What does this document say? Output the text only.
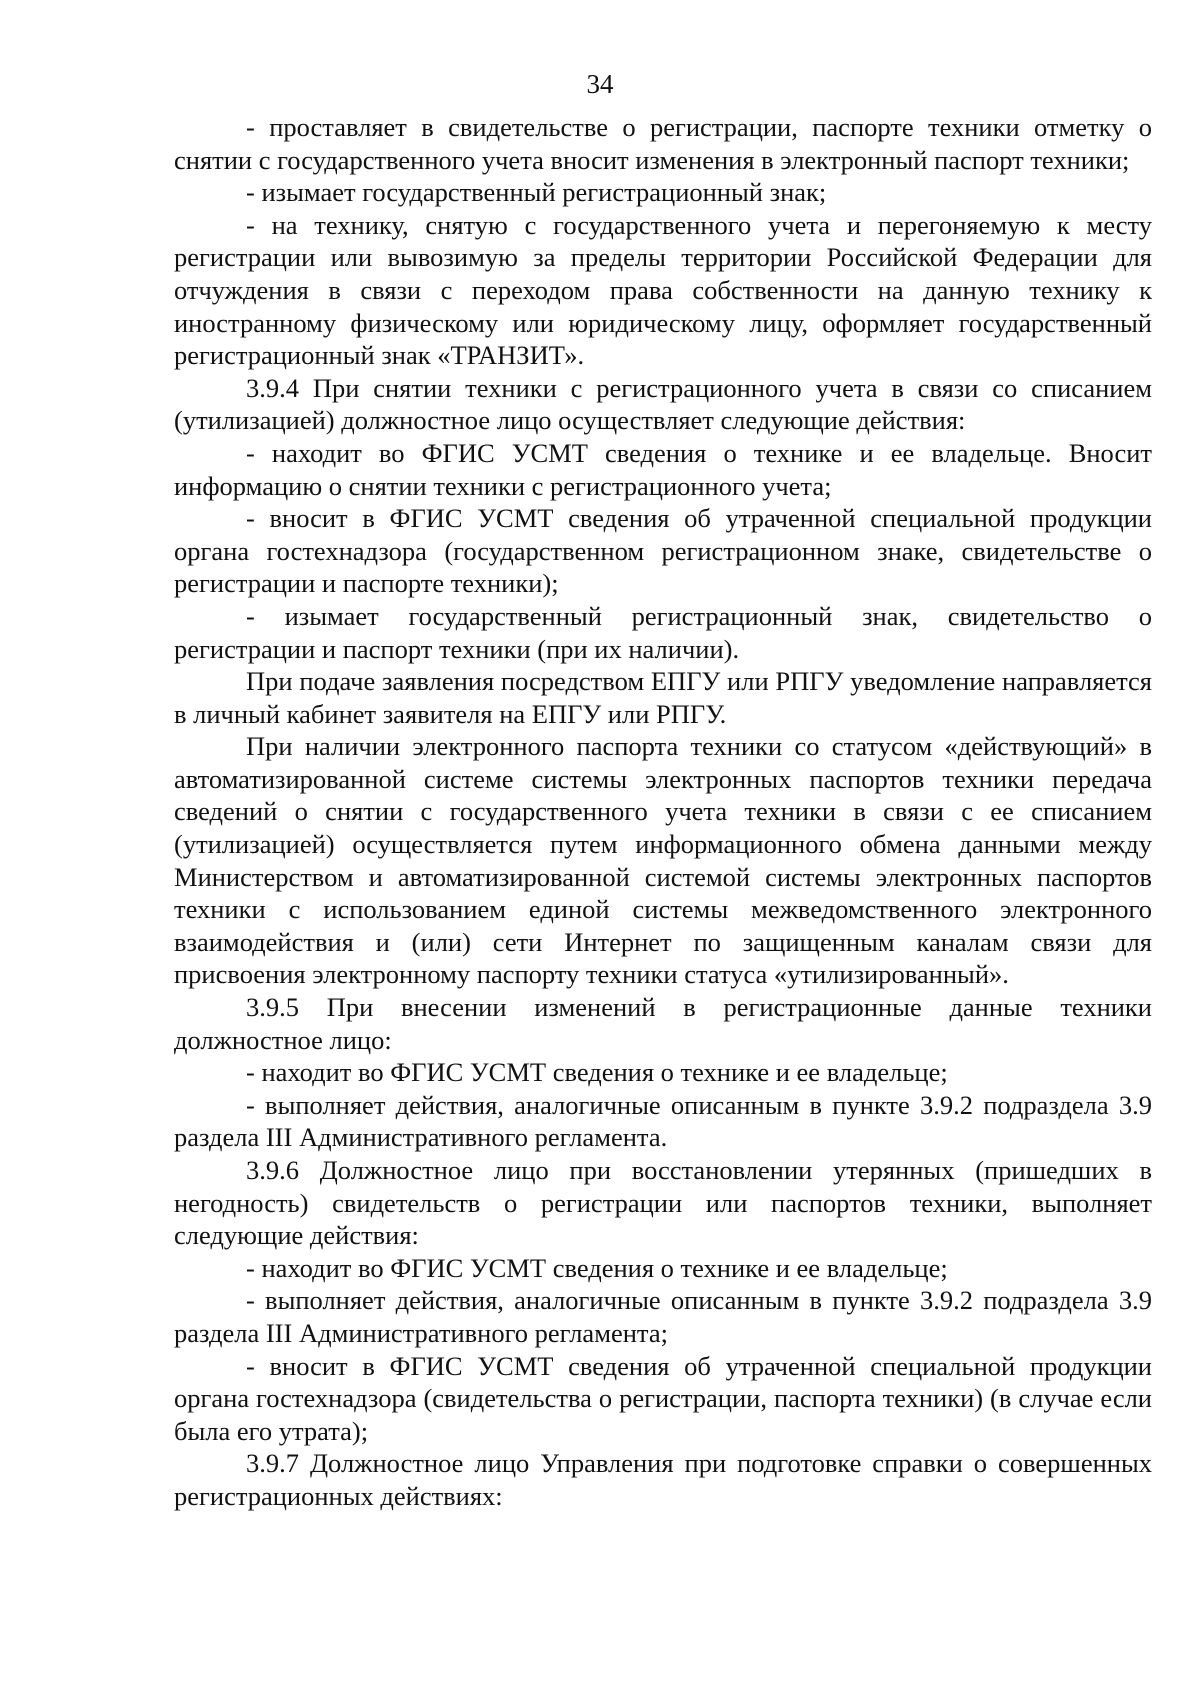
34

- проставляет в свидетельстве о регистрации, паспорте техники отметку о снятии с государственного учета вносит изменения в электронный паспорт техники;

- изымает государственный регистрационный знак;

- на технику, снятую с государственного учета и перегоняемую к месту регистрации или вывозимую за пределы территории Российской Федерации для отчуждения в связи с переходом права собственности на данную технику к иностранному физическому или юридическому лицу, оформляет государственный регистрационный знак «ТРАНЗИТ».

3.9.4 При снятии техники с регистрационного учета в связи со списанием (утилизацией) должностное лицо осуществляет следующие действия:

- находит во ФГИС УСМТ сведения о технике и ее владельце. Вносит информацию о снятии техники с регистрационного учета;

- вносит в ФГИС УСМТ сведения об утраченной специальной продукции органа гостехнадзора (государственном регистрационном знаке, свидетельстве о регистрации и паспорте техники);

- изымает государственный регистрационный знак, свидетельство о регистрации и паспорт техники (при их наличии).

При подаче заявления посредством ЕПГУ или РПГУ уведомление направляется в личный кабинет заявителя на ЕПГУ или РПГУ.

При наличии электронного паспорта техники со статусом «действующий» в автоматизированной системе системы электронных паспортов техники передача сведений о снятии с государственного учета техники в связи с ее списанием (утилизацией) осуществляется путем информационного обмена данными между Министерством и автоматизированной системой системы электронных паспортов техники с использованием единой системы межведомственного электронного взаимодействия и (или) сети Интернет по защищенным каналам связи для присвоения электронному паспорту техники статуса «утилизированный».

3.9.5 При внесении изменений в регистрационные данные техники должностное лицо:

- находит во ФГИС УСМТ сведения о технике и ее владельце;

- выполняет действия, аналогичные описанным в пункте 3.9.2 подраздела 3.9 раздела III Административного регламента.

3.9.6 Должностное лицо при восстановлении утерянных (пришедших в негодность) свидетельств о регистрации или паспортов техники, выполняет следующие действия:

- находит во ФГИС УСМТ сведения о технике и ее владельце;

- выполняет действия, аналогичные описанным в пункте 3.9.2 подраздела 3.9 раздела III Административного регламента;

- вносит в ФГИС УСМТ сведения об утраченной специальной продукции органа гостехнадзора (свидетельства о регистрации, паспорта техники) (в случае если была его утрата);

3.9.7 Должностное лицо Управления при подготовке справки о совершенных регистрационных действиях:
